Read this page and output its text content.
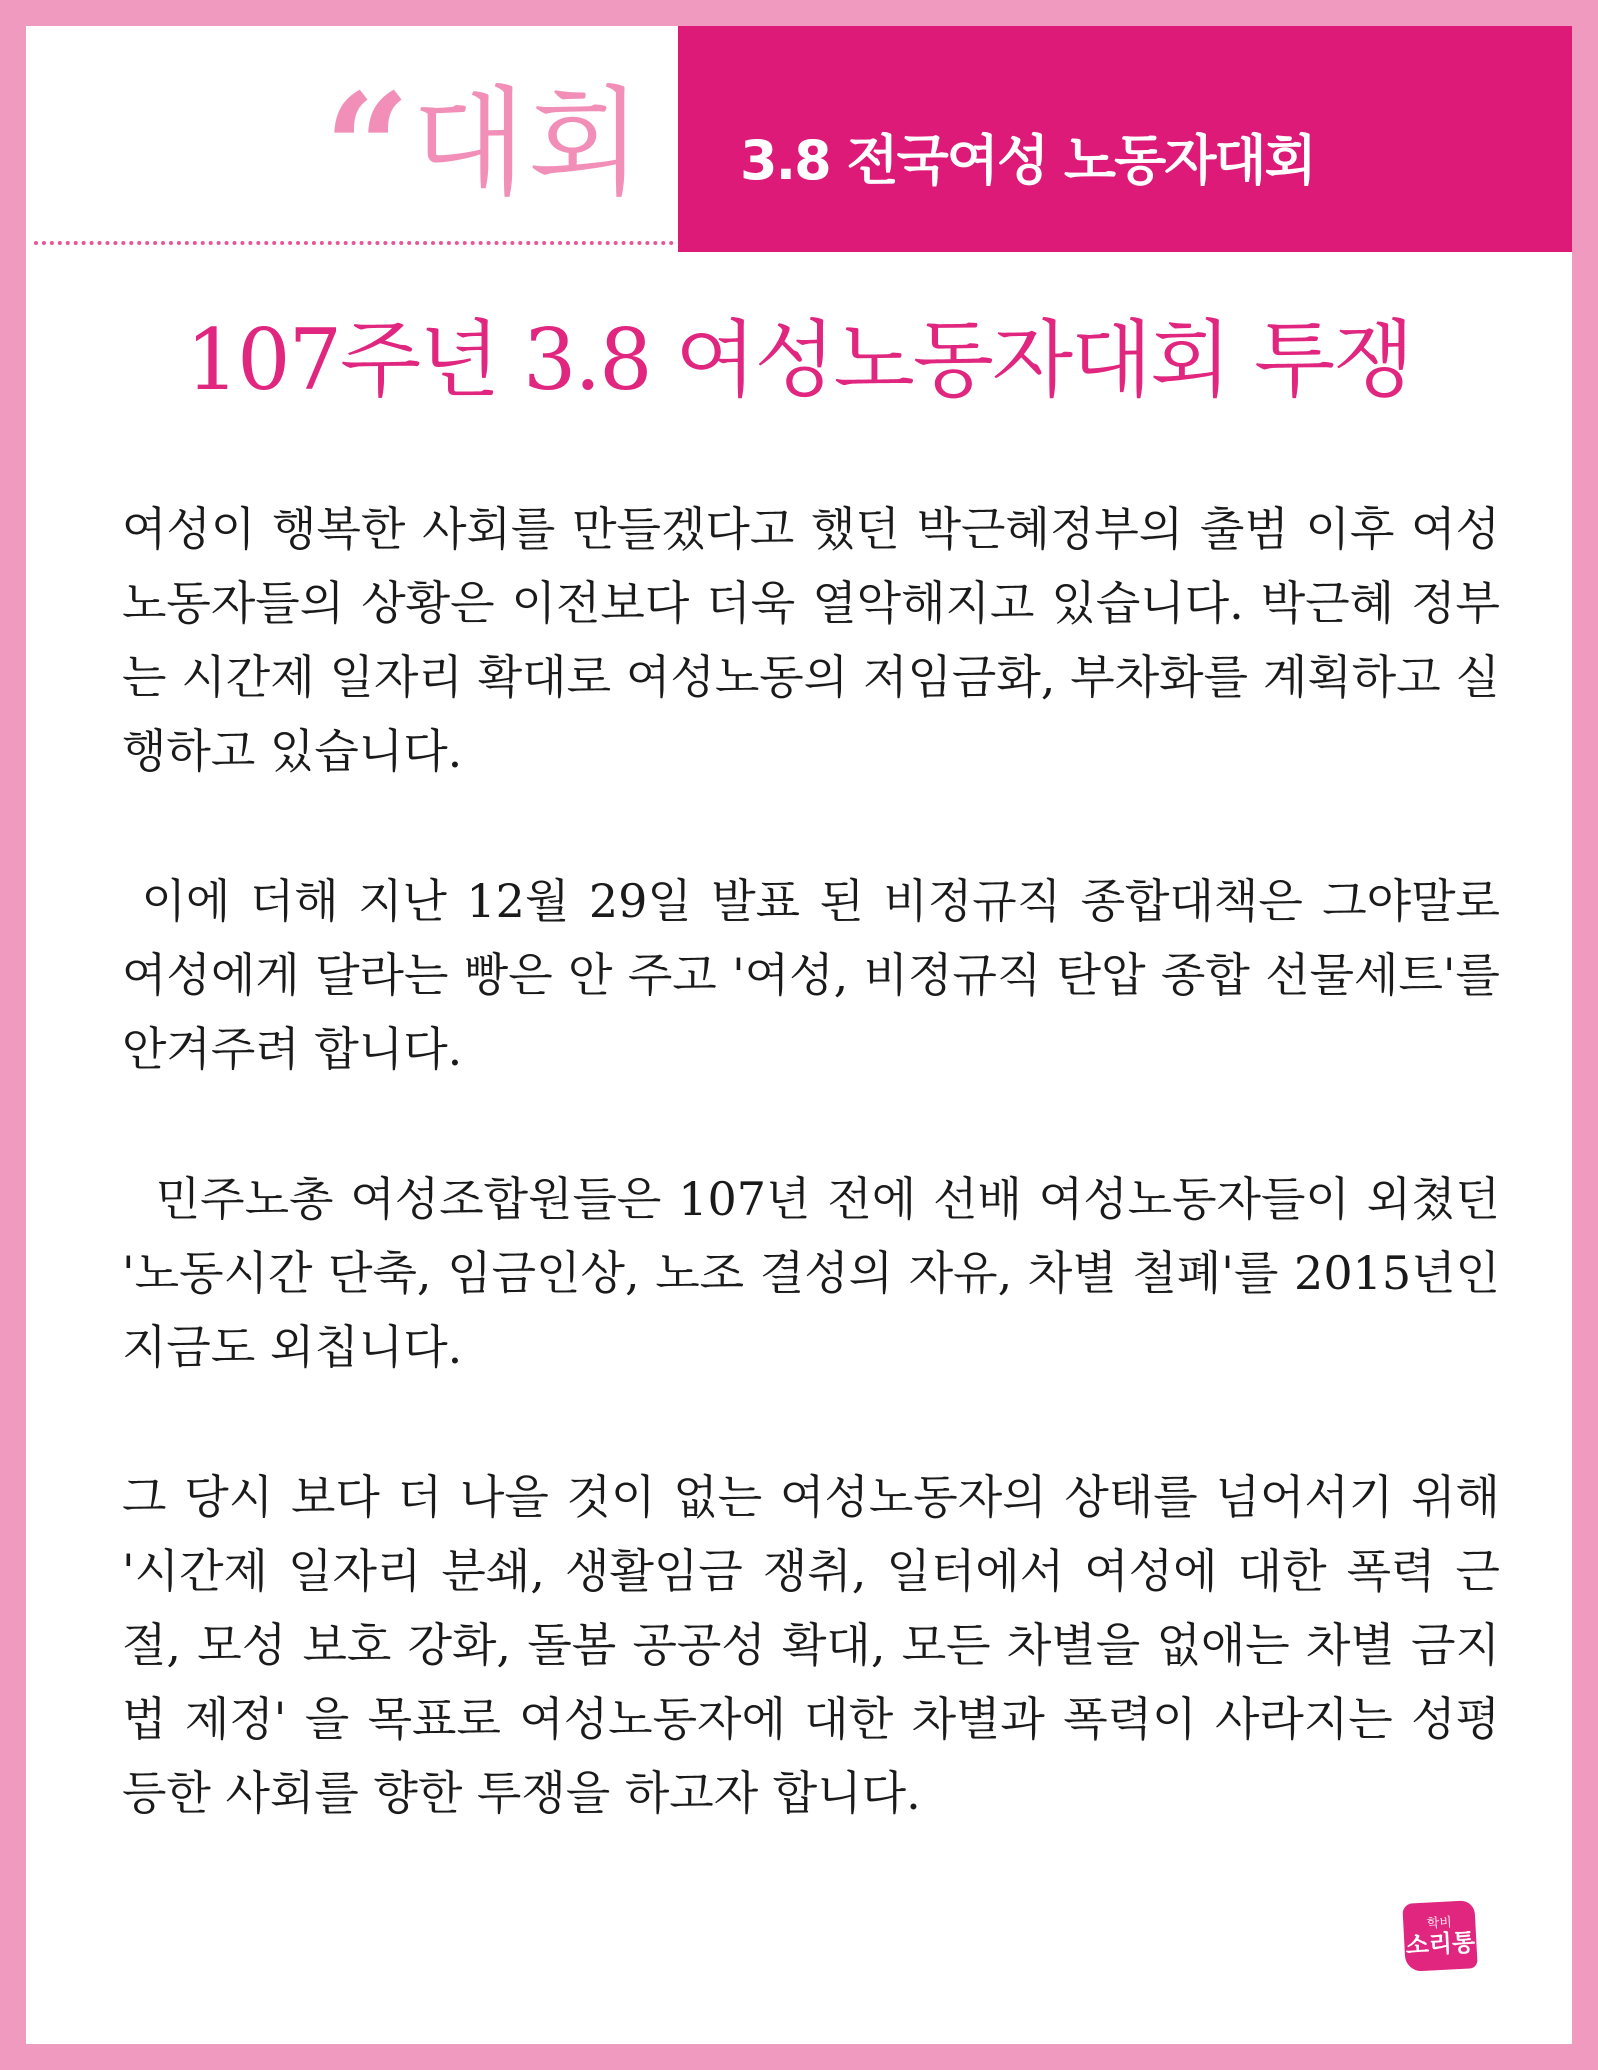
“ 대회 3.8 전국여성 노동자대회
107주년 3.8 여성노동자대회 투쟁

여성이 행복한 사회를 만들겠다고 했던 박근혜정부의 출범 이후 여성노동자들의 상황은 이전보다 더욱 열악해지고 있습니다. 박근혜 정부는 시간제 일자리 확대로 여성노동의 저임금화, 부차화를 계획하고 실행하고 있습니다.

이에 더해 지난 12월 29일 발표 된 비정규직 종합대책은 그야말로 여성에게 달라는 빵은 안 주고 '여성, 비정규직 탄압 종합 선물세트'를 안겨주려 합니다.

민주노총 여성조합원들은 107년 전에 선배 여성노동자들이 외쳤던 '노동시간 단축, 임금인상, 노조 결성의 자유, 차별 철폐'를 2015년인 지금도 외칩니다.

그 당시 보다 더 나을 것이 없는 여성노동자의 상태를 넘어서기 위해  '시간제 일자리 분쇄, 생활임금 쟁취, 일터에서 여성에 대한 폭력 근절, 모성 보호 강화, 돌봄 공공성 확대, 모든 차별을 없애는 차별 금지법 제정' 을 목표로 여성노동자에 대한 차별과 폭력이 사라지는 성평등한 사회를 향한 투쟁을 하고자 합니다.

학비
소리통
